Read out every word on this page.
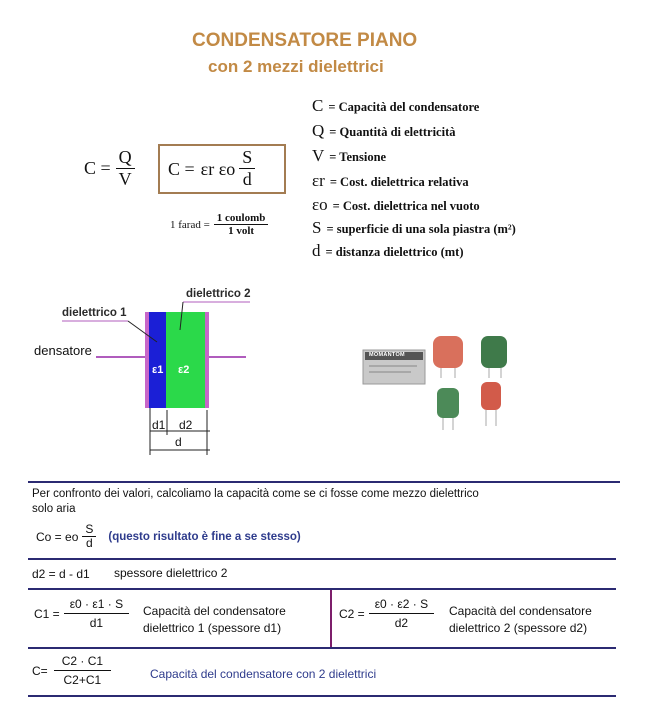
CONDENSATORE PIANO
con 2 mezzi dielettrici
$C = \frac{Q}{V}$ C = εr εo $\frac{S}{d}$
1 farad = $\frac{\text{1 coulomb}}{\text{1 volt}}$
C = Capacità del condensatore
Q = Quantità di elettricità
V = Tensione
εr = Cost. dielettrica relativa
εo = Cost. dielettrica nel vuoto
S = superficie di una sola piastra (m²)
d = distanza dielettrico (mt)
dielettrico 1
dielettrico 2
densatore
ε1 ε2
d1 d2
d
MOMANTOM
Per confronto dei valori, calcoliamo la capacità come se ci fosse come mezzo dielettrico
solo aria
Co = eo $\frac{S}{d}$ (questo risultato è fine a se stesso)
d2 = d - d1 spessore dielettrico 2
$C1 = \frac{\varepsilon 0 \cdot \varepsilon 1 \cdot S}{d1}$ Capacità del condensatore
dielettrico 1 (spessore d1)
$C2 = \frac{\varepsilon 0 \cdot \varepsilon 2 \cdot S}{d2}$ Capacità del condensatore
dielettrico 2 (spessore d2)
$C= \frac{C2 \cdot C1}{C2+C1}$	Capacità del condensatore con 2 dielettrici
